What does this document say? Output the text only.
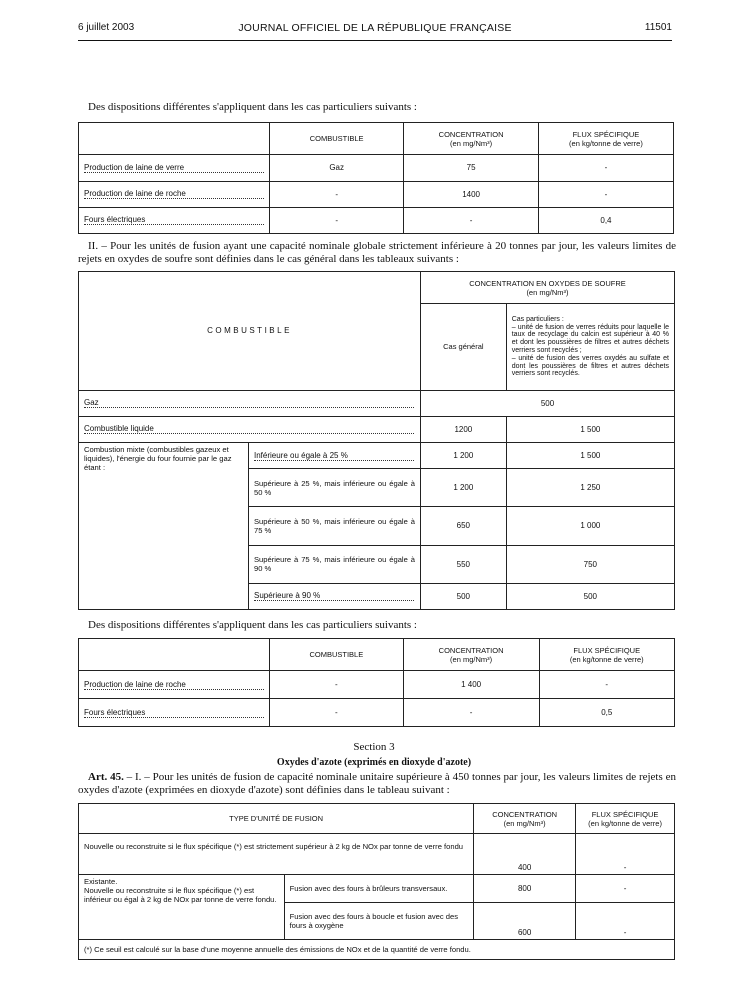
6 juillet 2003	JOURNAL OFFICIEL DE LA RÉPUBLIQUE FRANÇAISE	11501
Des dispositions différentes s'appliquent dans les cas particuliers suivants :
	COMBUSTIBLE	CONCENTRATION
(en mg/Nm³)	FLUX SPÉCIFIQUE
(en kg/tonne de verre)
Production de laine de verre	Gaz	75	-
Production de laine de roche	-	1400	-
Fours électriques	-	-	0,4
II. – Pour les unités de fusion ayant une capacité nominale globale strictement inférieure à 20 tonnes par jour, les valeurs limites de rejets en oxydes de soufre sont définies dans le cas général dans les tableaux suivants :
COMBUSTIBLE		CONCENTRATION EN OXYDES DE SOUFRE
(en mg/Nm³)	
		Cas général	Cas particuliers :
– unité de fusion de verres réduits pour laquelle le taux de recyclage du calcin est supérieur à 40 % et dont les poussières de filtres et autres déchets verriers sont recyclés ;
– unité de fusion des verres oxydés au sulfate et dont les poussières de filtres et autres déchets verriers sont recyclés.
Gaz		500	
Combustible liquide		1200	1 500
Combustion mixte (combustibles gazeux et liquides), l'énergie du four fournie par le gaz étant :	Inférieure ou égale à 25 %	1 200	1 500
	Supérieure à 25 %, mais inférieure ou égale à 50 %	1 200	1 250
	Supérieure à 50 %, mais inférieure ou égale à 75 %	650	1 000
	Supérieure à 75 %, mais inférieure ou égale à 90 %	550	750
	Supérieure à 90 %	500	500
Des dispositions différentes s'appliquent dans les cas particuliers suivants :
	COMBUSTIBLE	CONCENTRATION
(en mg/Nm³)	FLUX SPÉCIFIQUE
(en kg/tonne de verre)
Production de laine de roche	-	1 400	-
Fours électriques	-	-	0,5
Section 3
Oxydes d'azote (exprimés en dioxyde d'azote)
Art. 45. – I. – Pour les unités de fusion de capacité nominale unitaire supérieure à 450 tonnes par jour, les valeurs limites de rejets en oxydes d'azote (exprimées en dioxyde d'azote) sont définies dans le tableau suivant :
TYPE D'UNITÉ DE FUSION		CONCENTRATION
(en mg/Nm³)	FLUX SPÉCIFIQUE
(en kg/tonne de verre)
Nouvelle ou reconstruite si le flux spécifique (*) est strictement supérieur à 2 kg de NOx par tonne de verre fondu		400	-
Existante.
Nouvelle ou reconstruite si le flux spécifique (*) est inférieur ou égal à 2 kg de NOx par tonne de verre fondu.	Fusion avec des fours à brûleurs transversaux.	800	-
	Fusion avec des fours à boucle et fusion avec des fours à oxygène	600	-
(*) Ce seuil est calculé sur la base d'une moyenne annuelle des émissions de NOx et de la quantité de verre fondu.			
